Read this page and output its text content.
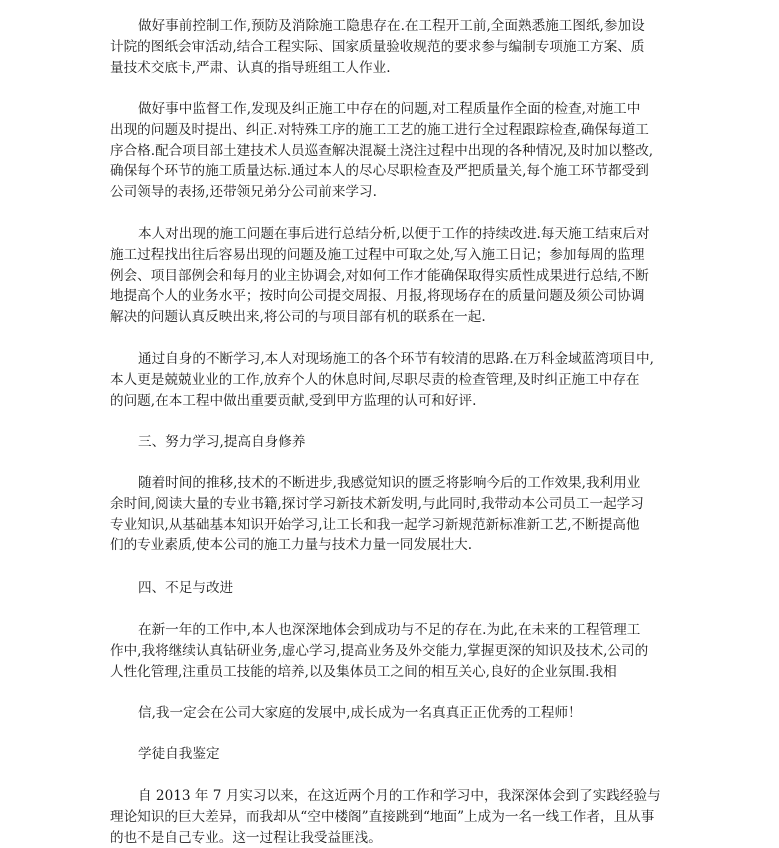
做好事前控制工作,预防及消除施工隐患存在.在工程开工前,全面熟悉施工图纸,参加设
计院的图纸会审活动,结合工程实际、国家质量验收规范的要求参与编制专项施工方案、质
量技术交底卡,严肃、认真的指导班组工人作业.
做好事中监督工作,发现及纠正施工中存在的问题,对工程质量作全面的检查,对施工中
出现的问题及时提出、纠正.对特殊工序的施工工艺的施工进行全过程跟踪检查,确保每道工
序合格.配合项目部土建技术人员巡查解决混凝土浇注过程中出现的各种情况,及时加以整改,
确保每个环节的施工质量达标.通过本人的尽心尽职检查及严把质量关,每个施工环节都受到
公司领导的表扬,还带领兄弟分公司前来学习.
本人对出现的施工问题在事后进行总结分析,以便于工作的持续改进.每天施工结束后对
施工过程找出往后容易出现的问题及施工过程中可取之处,写入施工日记；参加每周的监理
例会、项目部例会和每月的业主协调会,对如何工作才能确保取得实质性成果进行总结,不断
地提高个人的业务水平；按时向公司提交周报、月报,将现场存在的质量问题及须公司协调
解决的问题认真反映出来,将公司的与项目部有机的联系在一起.
通过自身的不断学习,本人对现场施工的各个环节有较清的思路.在万科金域蓝湾项目中,
本人更是兢兢业业的工作,放弃个人的休息时间,尽职尽责的检查管理,及时纠正施工中存在
的问题,在本工程中做出重要贡献,受到甲方监理的认可和好评.
三、努力学习,提高自身修养
随着时间的推移,技术的不断进步,我感觉知识的匮乏将影响今后的工作效果,我利用业
余时间,阅读大量的专业书籍,探讨学习新技术新发明,与此同时,我带动本公司员工一起学习
专业知识,从基础基本知识开始学习,让工长和我一起学习新规范新标准新工艺,不断提高他
们的专业素质,使本公司的施工力量与技术力量一同发展壮大.
四、不足与改进
在新一年的工作中,本人也深深地体会到成功与不足的存在.为此,在未来的工程管理工
作中,我将继续认真钻研业务,虚心学习,提高业务及外交能力,掌握更深的知识及技术,公司的
人性化管理,注重员工技能的培养,以及集体员工之间的相互关心,良好的企业氛围.我相
信,我一定会在公司大家庭的发展中,成长成为一名真真正正优秀的工程师！
学徒自我鉴定
自 2013 年 7 月实习以来，在这近两个月的工作和学习中，我深深体会到了实践经验与
理论知识的巨大差异，而我却从“空中楼阁”直接跳到“地面”上成为一名一线工作者，且从事
的也不是自己专业。这一过程让我受益匪浅。
